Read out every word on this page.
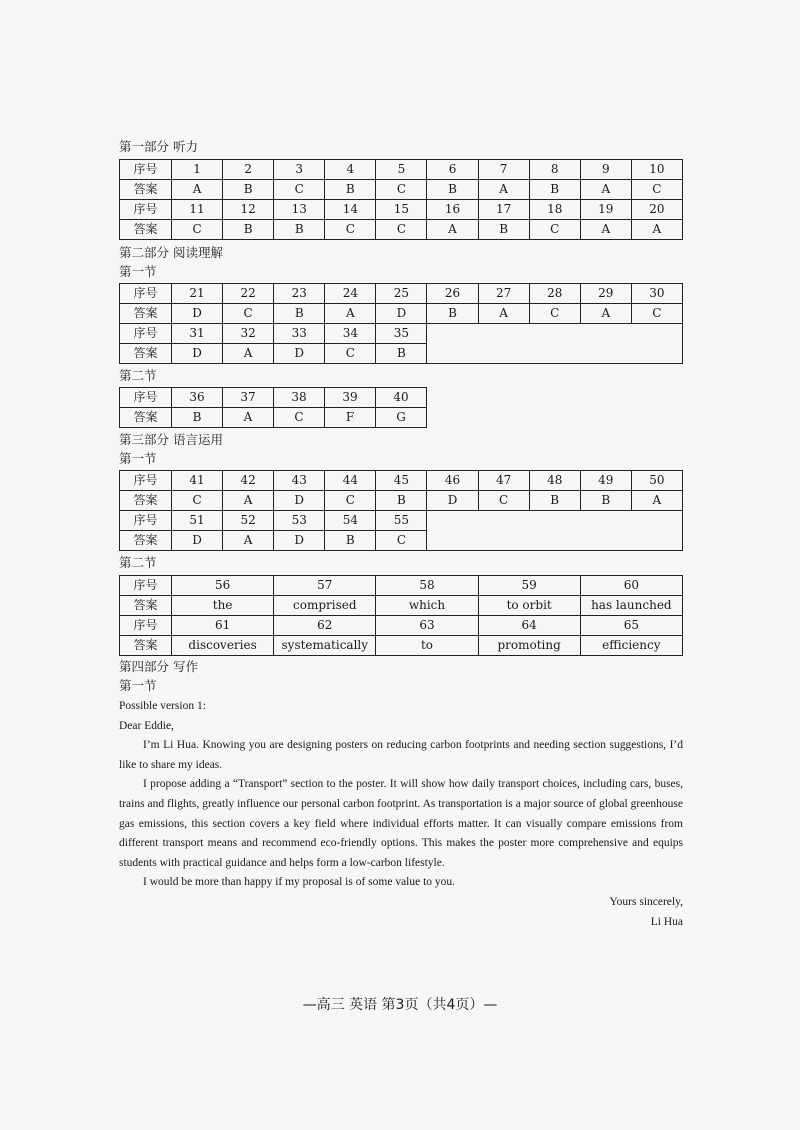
第一部分 听力
序号	1	2	3	4	5	6	7	8	9	10
答案	A	B	C	B	C	B	A	B	A	C
序号	11	12	13	14	15	16	17	18	19	20
答案	C	B	B	C	C	A	B	C	A	A
第二部分 阅读理解
第一节
序号	21	22	23	24	25	26	27	28	29	30
答案	D	C	B	A	D	B	A	C	A	C
序号	31	32	33	34	35					
答案	D	A	D	C	B					
第二节
序号	36	37	38	39	40
答案	B	A	C	F	G
第三部分 语言运用
第一节
序号	41	42	43	44	45	46	47	48	49	50
答案	C	A	D	C	B	D	C	B	B	A
序号	51	52	53	54	55					
答案	D	A	D	B	C					
第二节
序号	56	57	58	59	60
答案	the	comprised	which	to orbit	has launched
序号	61	62	63	64	65
答案	discoveries	systematically	to	promoting	efficiency
第四部分 写作
第一节

Possible version 1:

Dear Eddie,

I’m Li Hua. Knowing you are designing posters on reducing carbon footprints and needing section suggestions, I’d like to share my ideas.

I propose adding a “Transport” section to the poster. It will show how daily transport choices, including cars, buses, trains and flights, greatly influence our personal carbon footprint. As transportation is a major source of global greenhouse gas emissions, this section covers a key field where individual efforts matter. It can visually compare emissions from different transport means and recommend eco-friendly options. This makes the poster more comprehensive and equips students with practical guidance and helps form a low-carbon lifestyle.

I would be more than happy if my proposal is of some value to you.

Yours sincerely,

Li Hua

—高三 英语 第3页（共4页）—
